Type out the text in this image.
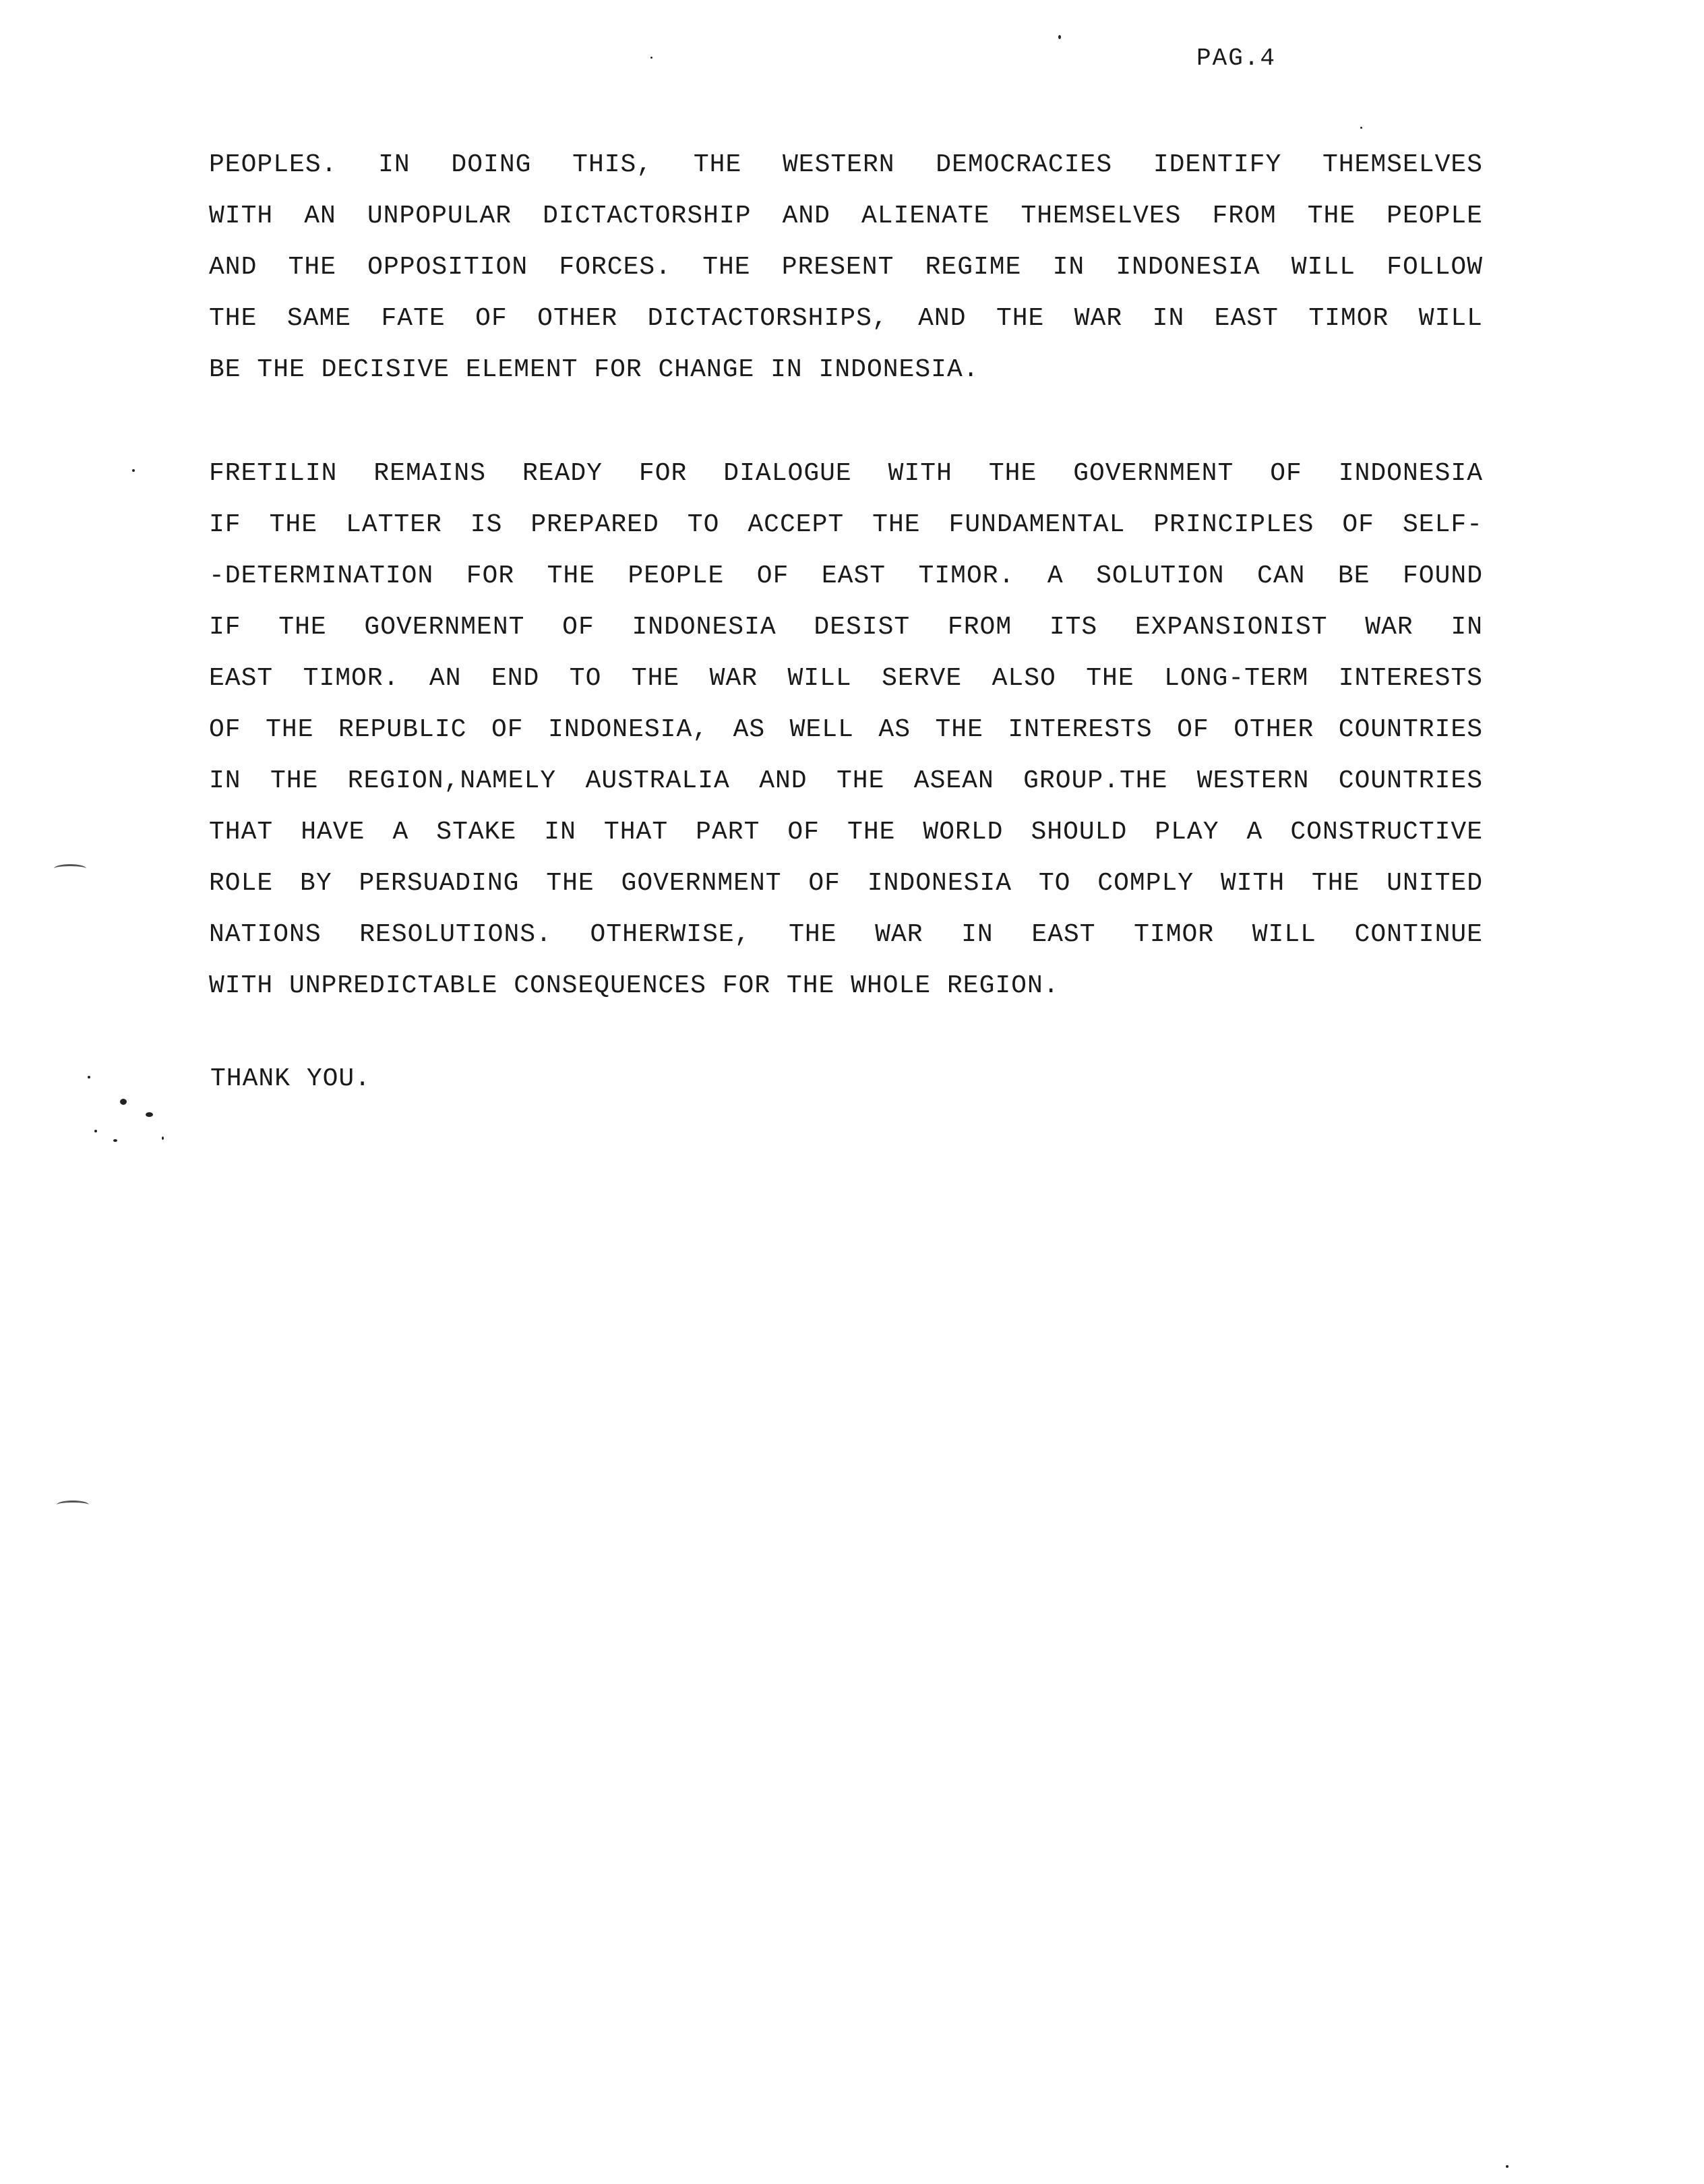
PAG.4
PEOPLES. IN DOING THIS, THE WESTERN DEMOCRACIES IDENTIFY THEMSELVES
WITH AN UNPOPULAR DICTACTORSHIP AND ALIENATE THEMSELVES FROM THE PEOPLE
AND THE OPPOSITION FORCES. THE PRESENT REGIME IN INDONESIA WILL FOLLOW
THE SAME FATE OF OTHER DICTACTORSHIPS, AND THE WAR IN EAST TIMOR WILL
BE THE DECISIVE ELEMENT FOR CHANGE IN INDONESIA.
FRETILIN REMAINS READY FOR DIALOGUE WITH THE GOVERNMENT OF INDONESIA
IF THE LATTER IS PREPARED TO ACCEPT THE FUNDAMENTAL PRINCIPLES OF SELF-
-DETERMINATION FOR THE PEOPLE OF EAST TIMOR. A SOLUTION CAN BE FOUND
IF THE GOVERNMENT OF INDONESIA DESIST FROM ITS EXPANSIONIST WAR IN
EAST TIMOR. AN END TO THE WAR WILL SERVE ALSO THE LONG-TERM INTERESTS
OF THE REPUBLIC OF INDONESIA, AS WELL AS THE INTERESTS OF OTHER COUNTRIES
IN THE REGION,NAMELY AUSTRALIA AND THE ASEAN GROUP.THE WESTERN COUNTRIES
THAT HAVE A STAKE IN THAT PART OF THE WORLD SHOULD PLAY A CONSTRUCTIVE
ROLE BY PERSUADING THE GOVERNMENT OF INDONESIA TO COMPLY WITH THE UNITED
NATIONS RESOLUTIONS. OTHERWISE, THE WAR IN EAST TIMOR WILL CONTINUE
WITH UNPREDICTABLE CONSEQUENCES FOR THE WHOLE REGION.
THANK YOU.
